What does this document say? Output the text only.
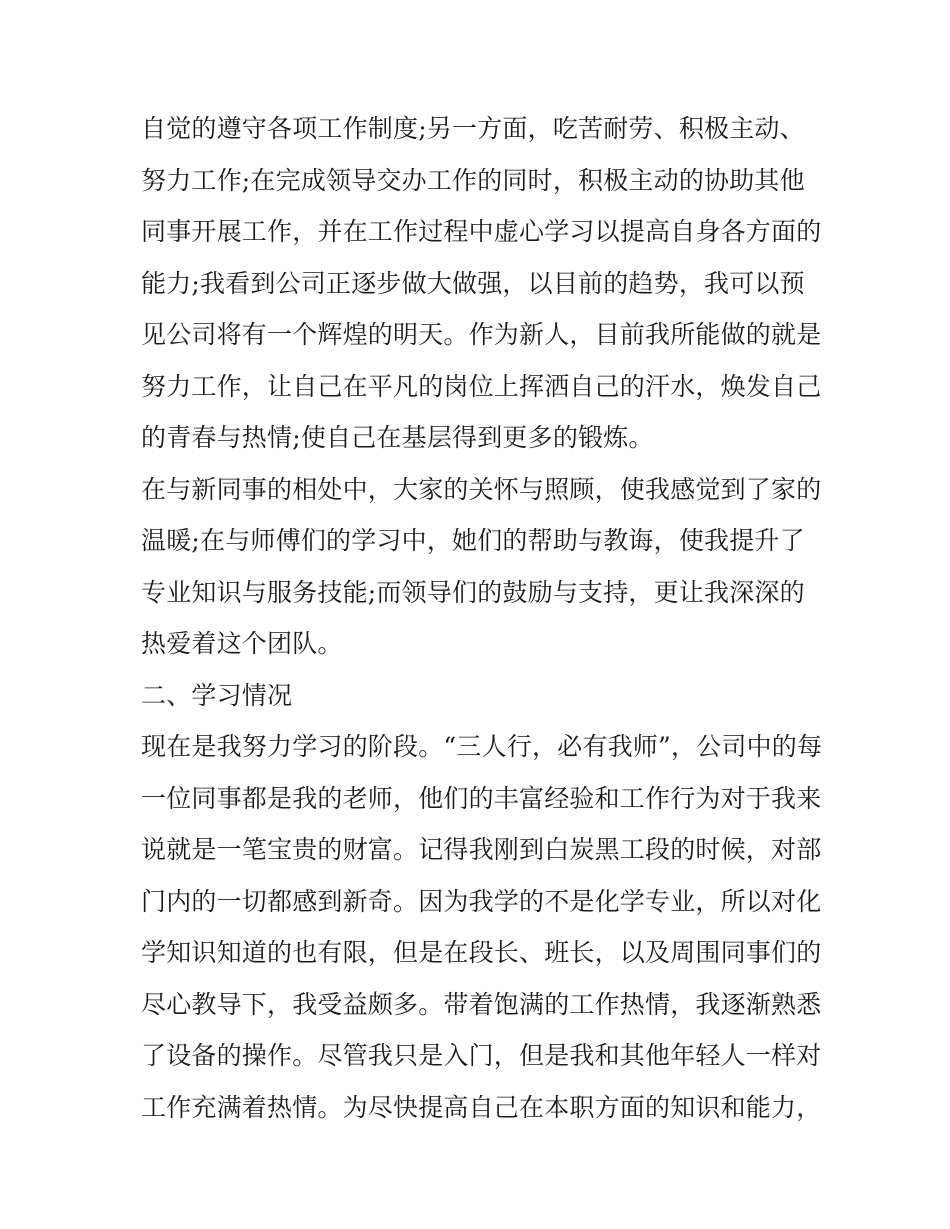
自觉的遵守各项工作制度;另一方面，吃苦耐劳、积极主动、
努力工作;在完成领导交办工作的同时，积极主动的协助其他
同事开展工作，并在工作过程中虚心学习以提高自身各方面的
能力;我看到公司正逐步做大做强，以目前的趋势，我可以预
见公司将有一个辉煌的明天。作为新人，目前我所能做的就是
努力工作，让自己在平凡的岗位上挥洒自己的汗水，焕发自己
的青春与热情;使自己在基层得到更多的锻炼。
在与新同事的相处中，大家的关怀与照顾，使我感觉到了家的
温暖;在与师傅们的学习中，她们的帮助与教诲，使我提升了
专业知识与服务技能;而领导们的鼓励与支持，更让我深深的
热爱着这个团队。
二、学习情况
现在是我努力学习的阶段。“三人行，必有我师”，公司中的每
一位同事都是我的老师，他们的丰富经验和工作行为对于我来
说就是一笔宝贵的财富。记得我刚到白炭黑工段的时候，对部
门内的一切都感到新奇。因为我学的不是化学专业，所以对化
学知识知道的也有限，但是在段长、班长，以及周围同事们的
尽心教导下，我受益颇多。带着饱满的工作热情，我逐渐熟悉
了设备的操作。尽管我只是入门，但是我和其他年轻人一样对
工作充满着热情。为尽快提高自己在本职方面的知识和能力，
